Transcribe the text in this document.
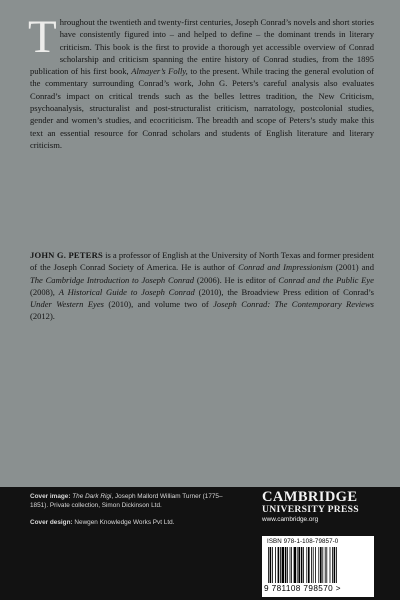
Throughout the twentieth and twenty-first centuries, Joseph Conrad’s novels and short stories have consistently figured into – and helped to define – the dominant trends in literary criticism. This book is the first to provide a thorough yet accessible overview of Conrad scholarship and criticism spanning the entire history of Conrad studies, from the 1895 publication of his first book, Almayer’s Folly, to the present. While tracing the general evolution of the commentary surrounding Conrad’s work, John G. Peters’s careful analysis also evaluates Conrad’s impact on critical trends such as the belles lettres tradition, the New Criticism, psychoanalysis, structuralist and post-structuralist criticism, narratology, postcolonial studies, gender and women’s studies, and ecocriticism. The breadth and scope of Peters’s study make this text an essential resource for Conrad scholars and students of English literature and literary criticism.
JOHN G. PETERS is a professor of English at the University of North Texas and former president of the Joseph Conrad Society of America. He is author of Conrad and Impressionism (2001) and The Cambridge Introduction to Joseph Conrad (2006). He is editor of Conrad and the Public Eye (2008), A Historical Guide to Joseph Conrad (2010), the Broadview Press edition of Conrad’s Under Western Eyes (2010), and volume two of Joseph Conrad: The Contemporary Reviews (2012).
Cover image: The Dark Rigi, Joseph Mallord William Turner (1775–1851). Private collection, Simon Dickinson Ltd.
Cover design: Newgen Knowledge Works Pvt Ltd.
CAMBRIDGE
UNIVERSITY PRESS
www.cambridge.org
ISBN 978-1-108-79857-0
9 781108 798570 >
